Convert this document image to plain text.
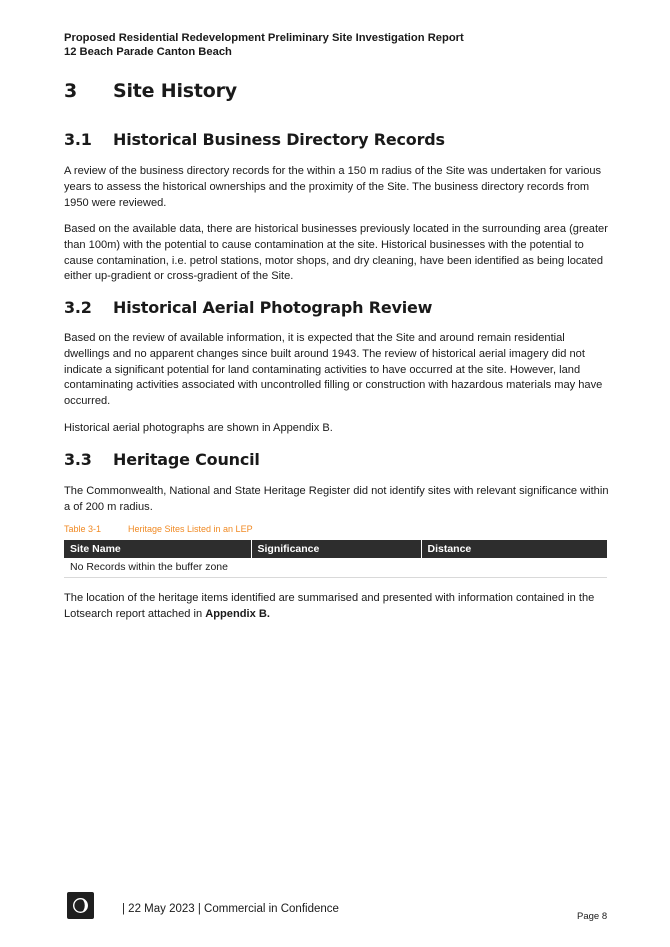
Proposed Residential Redevelopment Preliminary Site Investigation Report
12 Beach Parade Canton Beach
3 Site History
3.1 Historical Business Directory Records
A review of the business directory records for the within a 150 m radius of the Site was undertaken for various years to assess the historical ownerships and the proximity of the Site. The business directory records from 1950 were reviewed.
Based on the available data, there are historical businesses previously located in the surrounding area (greater than 100m) with the potential to cause contamination at the site. Historical businesses with the potential to cause contamination, i.e. petrol stations, motor shops, and dry cleaning, have been identified as being located either up-gradient or cross-gradient of the Site.
3.2 Historical Aerial Photograph Review
Based on the review of available information, it is expected that the Site and around remain residential dwellings and no apparent changes since built around 1943. The review of historical aerial imagery did not indicate a significant potential for land contaminating activities to have occurred at the site. However, land contaminating activities associated with uncontrolled filling or construction with hazardous materials may have occurred.
Historical aerial photographs are shown in Appendix B.
3.3 Heritage Council
The Commonwealth, National and State Heritage Register did not identify sites with relevant significance within a of 200 m radius.
Table 3-1	Heritage Sites Listed in an LEP
Site Name	Significance	Distance
No Records within the buffer zone		
The location of the heritage items identified are summarised and presented with information contained in the Lotsearch report attached in Appendix B.
| 22 May 2023 | Commercial in Confidence
Page 8
